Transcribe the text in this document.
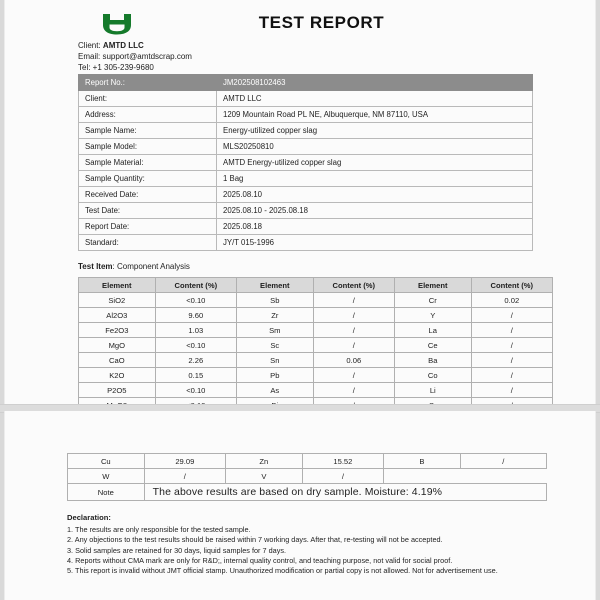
TEST REPORT
Client: AMTD LLC
Email: support@amtdscrap.com
Tel: +1 305-239-9680
Report No.:	JM202508102463
Client:	AMTD LLC
Address:	1209 Mountain Road PL NE, Albuquerque, NM 87110, USA
Sample Name:	Energy-utilized copper slag
Sample Model:	MLS20250810
Sample Material:	AMTD Energy-utilized copper slag
Sample Quantity:	1 Bag
Received Date:	2025.08.10
Test Date:	2025.08.10 - 2025.08.18
Report Date:	2025.08.18
Standard:	JY/T 015-1996
Test Item: Component Analysis
Element	Content (%)	Element	Content (%)	Element	Content (%)
SiO2	<0.10	Sb	/	Cr	0.02
Al2O3	9.60	Zr	/	Y	/
Fe2O3	1.03	Sm	/	La	/
MgO	<0.10	Sc	/	Ce	/
CaO	2.26	Sn	0.06	Ba	/
K2O	0.15	Pb	/	Co	/
P2O5	<0.10	As	/	Li	/

Cu	29.09	Zn	15.52	B	/
W	/	V	/		
Note	The above results are based on dry sample. Moisture: 4.19%				
Declaration:

1. The results are only responsible for the tested sample.

2. Any objections to the test results should be raised within 7 working days. After that, re-testing will not be accepted.

3. Solid samples are retained for 30 days, liquid samples for 7 days.

4. Reports without CMA mark are only for R&D;, internal quality control, and teaching purpose, not valid for social proof.

5. This report is invalid without JMT official stamp. Unauthorized modification or partial copy is not allowed. Not for advertisement use.
